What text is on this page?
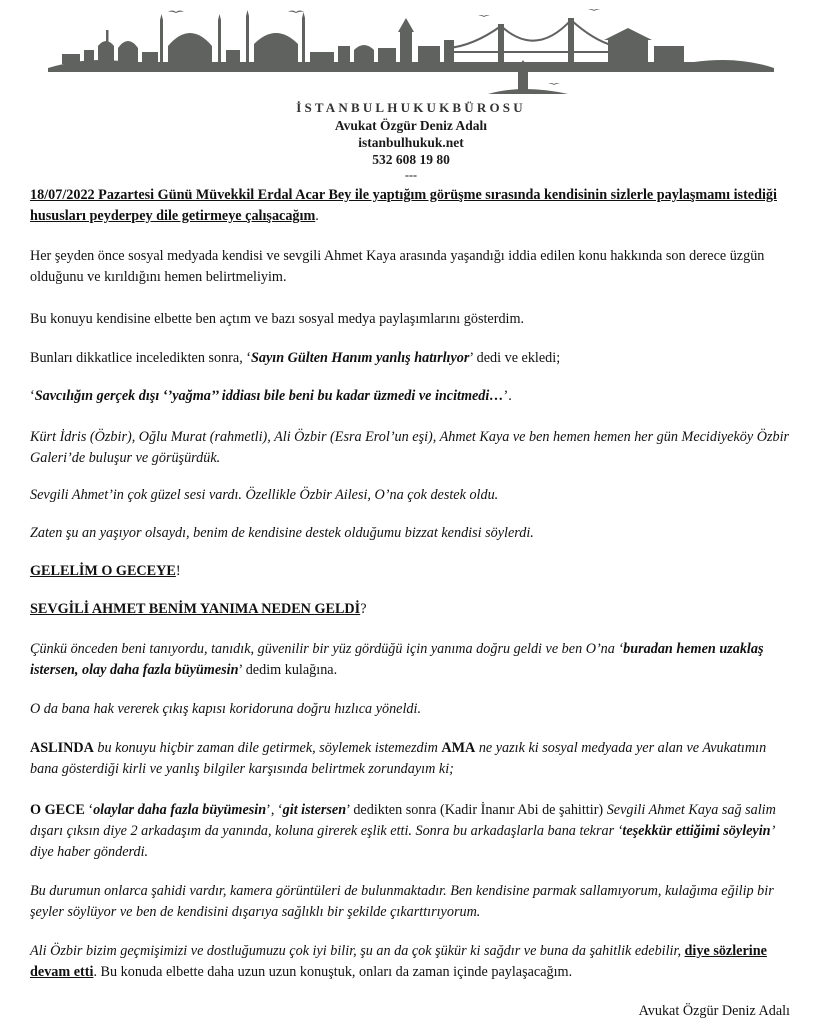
İSTANBULHUKUKBÜROSU
Avukat Özgür Deniz Adalı
istanbulhukuk.net
532 608 19 80
---

18/07/2022 Pazartesi Günü Müvekkil Erdal Acar Bey ile yaptığım görüşme sırasında kendisinin sizlerle paylaşmamı istediği hususları peyderpey dile getirmeye çalışacağım.

Her şeyden önce sosyal medyada kendisi ve sevgili Ahmet Kaya arasında yaşandığı iddia edilen konu hakkında son derece üzgün olduğunu ve kırıldığını hemen belirtmeliyim.

Bu konuyu kendisine elbette ben açtım ve bazı sosyal medya paylaşımlarını gösterdim.

Bunları dikkatlice inceledikten sonra, ‘Sayın Gülten Hanım yanlış hatırlıyor’ dedi ve ekledi;

‘Savcılığın gerçek dışı ‘’yağma’’ iddiası bile beni bu kadar üzmedi ve incitmedi…’.

Kürt İdris (Özbir), Oğlu Murat (rahmetli), Ali Özbir (Esra Erol’un eşi), Ahmet Kaya ve ben hemen hemen her gün Mecidiyeköy Özbir Galeri’de buluşur ve görüşürdük.

Sevgili Ahmet’in çok güzel sesi vardı. Özellikle Özbir Ailesi, O’na çok destek oldu.

Zaten şu an yaşıyor olsaydı, benim de kendisine destek olduğumu bizzat kendisi söylerdi.

GELELİM O GECEYE!

SEVGİLİ AHMET BENİM YANIMA NEDEN GELDİ?

Çünkü önceden beni tanıyordu, tanıdık, güvenilir bir yüz gördüğü için yanıma doğru geldi ve ben O’na ‘buradan hemen uzaklaş istersen, olay daha fazla büyümesin’ dedim kulağına.

O da bana hak vererek çıkış kapısı koridoruna doğru hızlıca yöneldi.

ASLINDA bu konuyu hiçbir zaman dile getirmek, söylemek istemezdim AMA ne yazık ki sosyal medyada yer alan ve Avukatımın bana gösterdiği kirli ve yanlış bilgiler karşısında belirtmek zorundayım ki;

O GECE ‘olaylar daha fazla büyümesin’, ‘git istersen’ dedikten sonra (Kadir İnanır Abi de şahittir) Sevgili Ahmet Kaya sağ salim dışarı çıksın diye 2 arkadaşım da yanında, koluna girerek eşlik etti. Sonra bu arkadaşlarla bana tekrar ‘teşekkür ettiğimi söyleyin’ diye haber gönderdi.

Bu durumun onlarca şahidi vardır, kamera görüntüleri de bulunmaktadır. Ben kendisine parmak sallamıyorum, kulağıma eğilip bir şeyler söylüyor ve ben de kendisini dışarıya sağlıklı bir şekilde çıkarttırıyorum.

Ali Özbir bizim geçmişimizi ve dostluğumuzu çok iyi bilir, şu an da çok şükür ki sağdır ve buna da şahitlik edebilir, diye sözlerine devam etti. Bu konuda elbette daha uzun uzun konuştuk, onları da zaman içinde paylaşacağım.

Avukat Özgür Deniz Adalı
